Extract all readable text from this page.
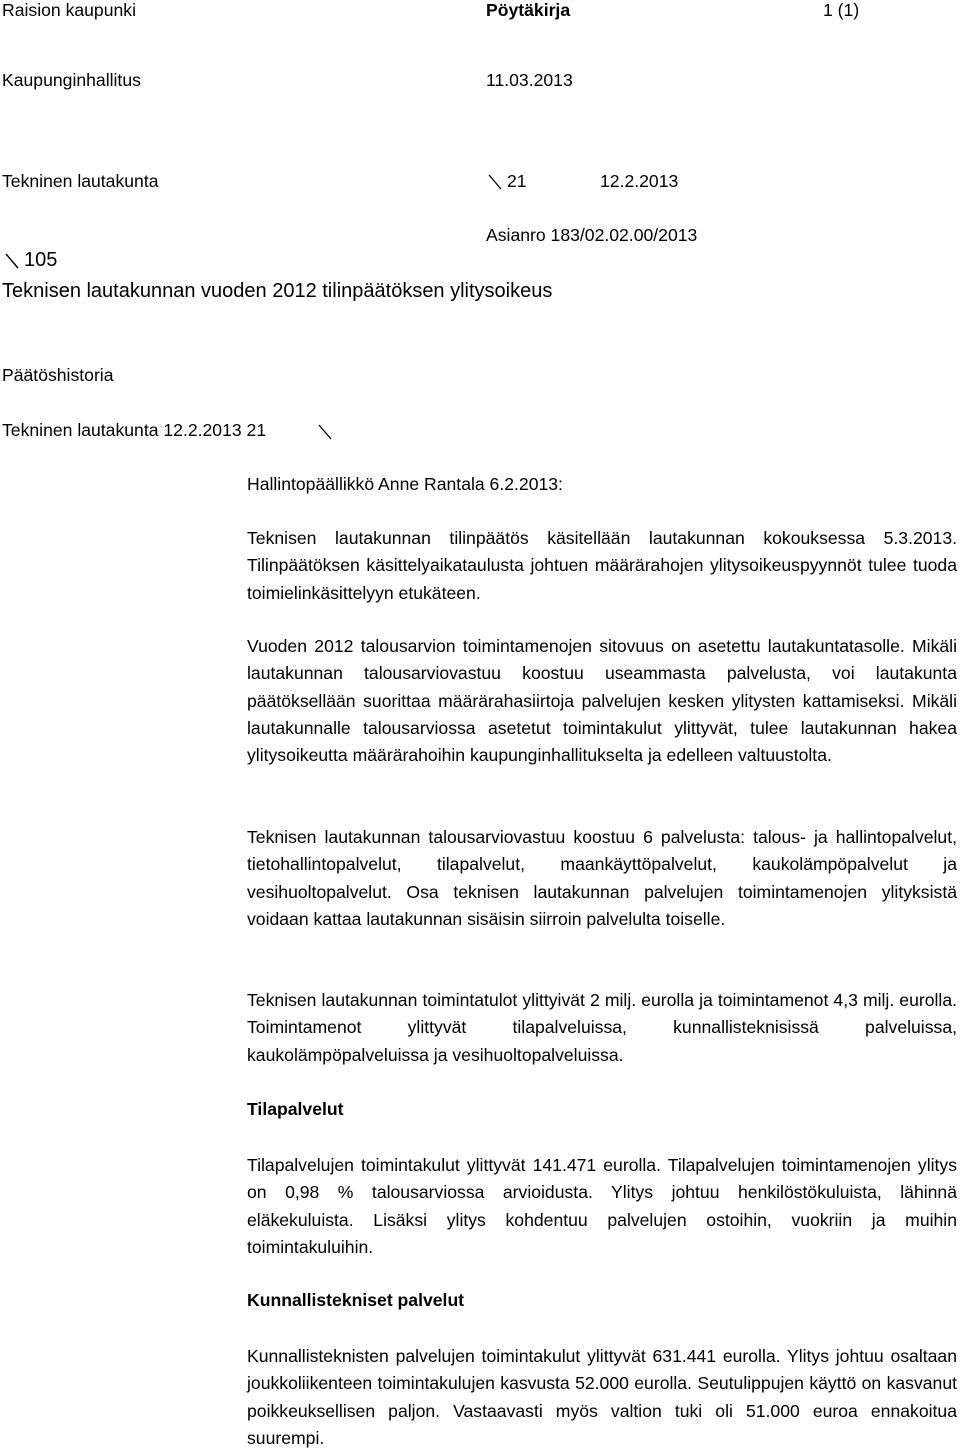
Raision kaupunki	Pöytäkirja	1 (1)
Kaupunginhallitus	11.03.2013
Tekninen lautakunta	21	12.2.2013
Asianro 183/02.02.00/2013
105
Teknisen lautakunnan vuoden 2012 tilinpäätöksen ylitysoikeus
Päätöshistoria
Tekninen lautakunta 12.2.2013 21
Hallintopäällikkö Anne Rantala 6.2.2013:

Teknisen lautakunnan tilinpäätös käsitellään lautakunnan kokouksessa 5.3.2013. Tilinpäätöksen käsittelyaikataulusta johtuen määrärahojen ylitysoikeuspyynnöt tulee tuoda toimielinkäsittelyyn etukäteen.

Vuoden 2012 talousarvion toimintamenojen sitovuus on asetettu lautakuntatasolle. Mikäli lautakunnan talousarviovastuu koostuu useammasta palvelusta, voi lautakunta päätöksellään suorittaa määrärahasiirtoja palvelujen kesken ylitysten kattamiseksi. Mikäli lautakunnalle talousarviossa asetetut toimintakulut ylittyvät, tulee lautakunnan hakea ylitysoikeutta määrärahoihin kaupunginhallitukselta ja edelleen valtuustolta.

Teknisen lautakunnan talousarviovastuu koostuu 6 palvelusta: talous- ja hallintopalvelut, tietohallintopalvelut, tilapalvelut, maankäyttöpalvelut, kaukolämpöpalvelut ja vesihuoltopalvelut. Osa teknisen lautakunnan palvelujen toimintamenojen ylityksistä voidaan kattaa lautakunnan sisäisin siirroin palvelulta toiselle.

Teknisen lautakunnan toimintatulot ylittyivät 2 milj. eurolla ja toimintamenot 4,3 milj. eurolla. Toimintamenot ylittyvät tilapalveluissa, kunnallisteknisissä palveluissa, kaukolämpöpalveluissa ja vesihuoltopalveluissa.

Tilapalvelut

Tilapalvelujen toimintakulut ylittyvät 141.471 eurolla. Tilapalvelujen toimintamenojen ylitys on 0,98 % talousarviossa arvioidusta. Ylitys johtuu henkilöstökuluista, lähinnä eläkekuluista. Lisäksi ylitys kohdentuu palvelujen ostoihin, vuokriin ja muihin toimintakuluihin.

Kunnallistekniset palvelut

Kunnallisteknisten palvelujen toimintakulut ylittyvät 631.441 eurolla. Ylitys johtuu osaltaan joukkoliikenteen toimintakulujen kasvusta 52.000 eurolla. Seutulippujen käyttö on kasvanut poikkeuksellisen paljon. Vastaavasti myös valtion tuki oli 51.000 euroa ennakoitua suurempi.
